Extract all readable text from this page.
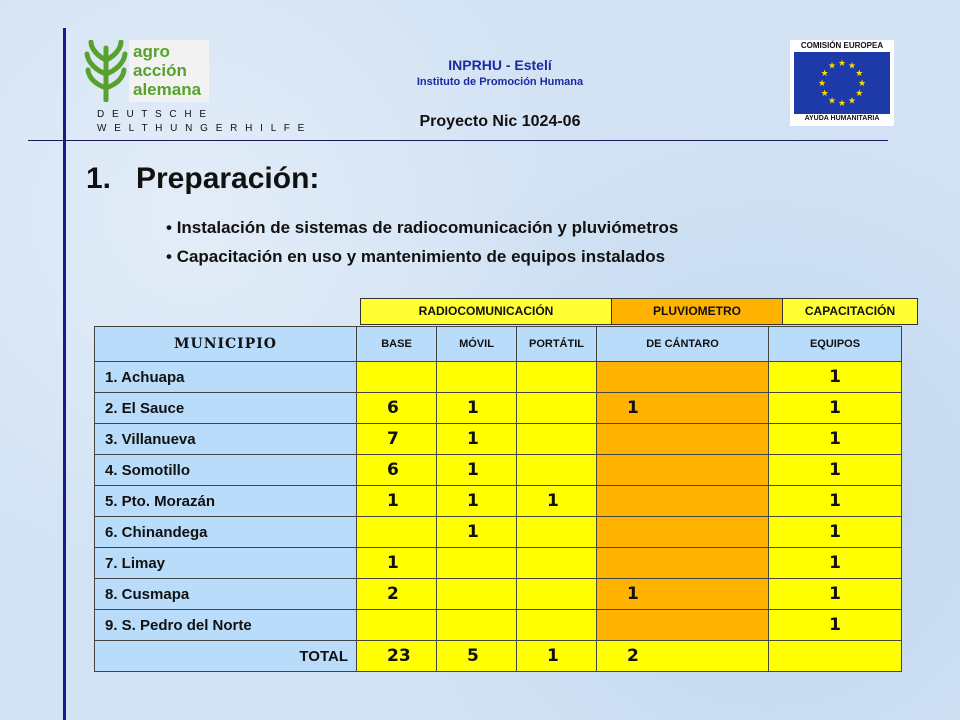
agro
acción
alemana
D E U T S C H E
W E L T H U N G E R H I L F E
INPRHU - Estelí
Instituto de Promoción Humana
Proyecto Nic 1024-06
COMISIÓN EUROPEA
★ ★
★
★
★
★
★
★
★
★
★
★
AYUDA HUMANITARIA
1. Preparación:
• Instalación de sistemas de radiocomunicación y pluviómetros
• Capacitación en uso y mantenimiento de equipos instalados
RADIOCOMUNICACIÓN	PLUVIOMETRO	CAPACITACIÓN
MUNICIPIO	BASE	MÓVIL	PORTÁTIL	DE CÁNTARO	EQUIPOS
1. Achuapa					1
2. El Sauce	6	1		1	1
3. Villanueva	7	1			1
4. Somotillo	6	1			1
5. Pto. Morazán	1	1	1		1
6. Chinandega		1			1
7. Limay	1				1
8. Cusmapa	2			1	1
9. S. Pedro del Norte					1
TOTAL	23	5	1	2	
